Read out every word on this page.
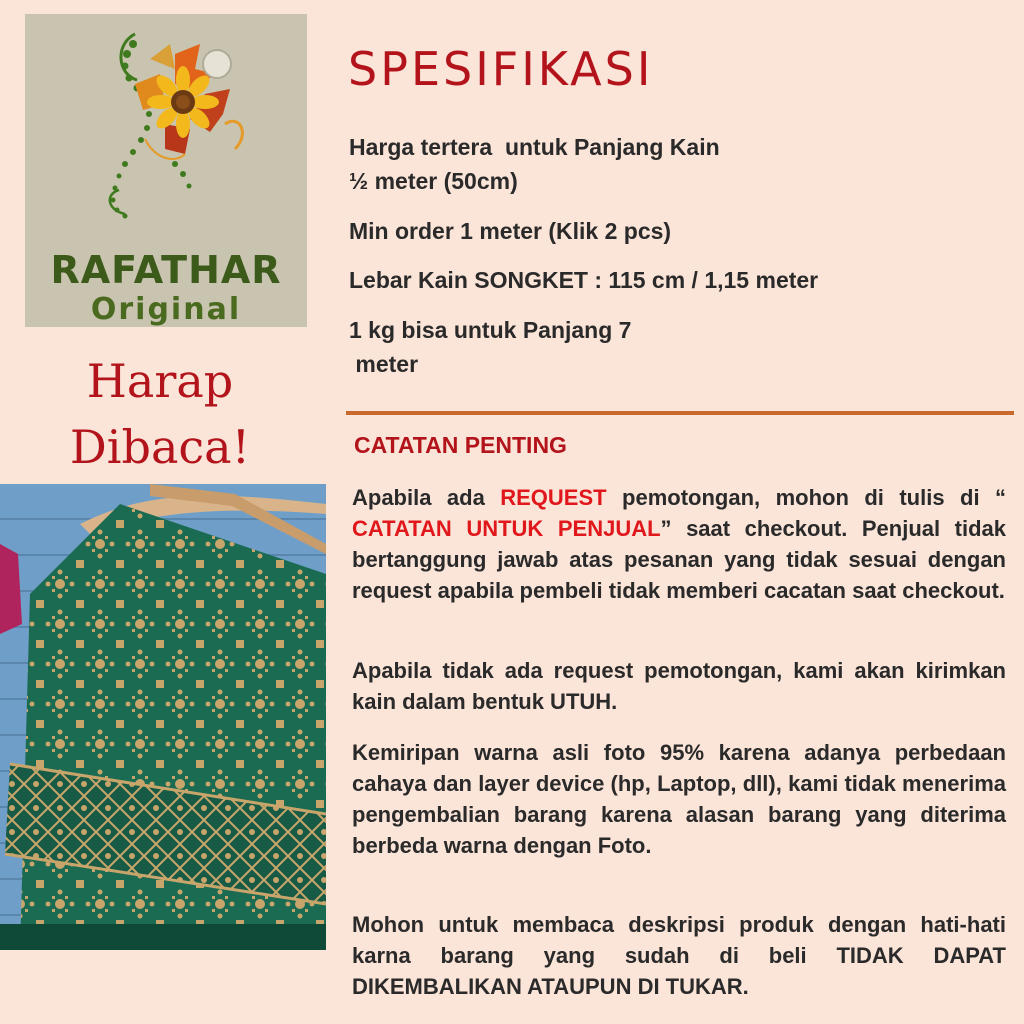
RAFATHAR
Original
Harap
Dibaca!
SPESIFIKASI
Harga tertera  untuk Panjang Kain
½ meter (50cm)
Min order 1 meter (Klik 2 pcs)
Lebar Kain SONGKET : 115 cm / 1,15 meter
1 kg bisa untuk Panjang 7
meter
CATATAN PENTING
Apabila ada REQUEST pemotongan, mohon di tulis di “ CATATAN UNTUK PENJUAL” saat checkout. Penjual tidak bertanggung jawab atas pesanan yang tidak sesuai dengan request apabila pembeli tidak memberi cacatan saat checkout.
Apabila tidak ada request pemotongan, kami akan kirimkan kain dalam bentuk UTUH.
Kemiripan warna asli foto 95% karena adanya perbedaan cahaya dan layer device (hp, Laptop, dll), kami tidak menerima pengembalian barang karena alasan barang yang diterima berbeda warna dengan Foto.
Mohon untuk membaca deskripsi produk dengan hati-hati karna barang yang sudah di beli TIDAK DAPAT DIKEMBALIKAN ATAUPUN DI TUKAR.
